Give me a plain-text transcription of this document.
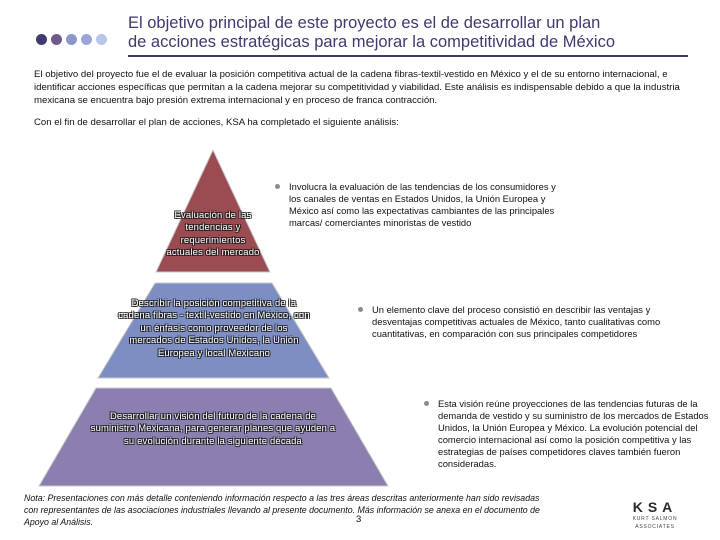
El objetivo principal de este proyecto es el de desarrollar un plan
de acciones estratégicas para mejorar la competitividad de México
El objetivo del proyecto fue el de evaluar la posición competitiva actual de la cadena fibras-textil-vestido en México y el de su entorno internacional, e identificar acciones específicas que permitan a la cadena mejorar su competitividad y viabilidad. Este análisis es indispensable debido a que la industria mexicana se encuentra bajo presión extrema internacional y en proceso de franca contracción.
Con el fin de desarrollar el plan de acciones, KSA ha completado el siguiente análisis:
Evaluación de las tendencias y requerimientos actuales del mercado
Describir la posición competitiva de la cadena fibras - textil-vestido en México, con un énfasis como proveedor de los mercados de Estados Unidos, la Unión Europea y local Mexicano
Desarrollar un visión del futuro de la cadena de suministro Mexicana, para generar planes que ayuden a su evolución durante la siguiente década
Involucra la evaluación de las tendencias de los consumidores y los canales de ventas en Estados Unidos, la Unión Europea y México así como las expectativas cambiantes de las principales marcas/ comerciantes minoristas de vestido
Un elemento clave del proceso consistió en describir las ventajas y desventajas competitivas actuales de México, tanto cualitativas como cuantitativas, en comparación con sus principales competidores
Esta visión reúne proyecciones de las tendencias futuras de la demanda de vestido y su suministro de los mercados de Estados Unidos, la Unión Europea y México. La evolución potencial del comercio internacional así como la posición competitiva y las estrategias de países competidores claves también fueron consideradas.
Nota: Presentaciones con más detalle conteniendo información respecto a las tres áreas descritas anteriormente han sido revisadas con representantes de las asociaciones industriales llevando al presente documento. Más información se anexa en el documento de Apoyo al Análisis.	3
KSA
KURT SALMON ASSOCIATES
